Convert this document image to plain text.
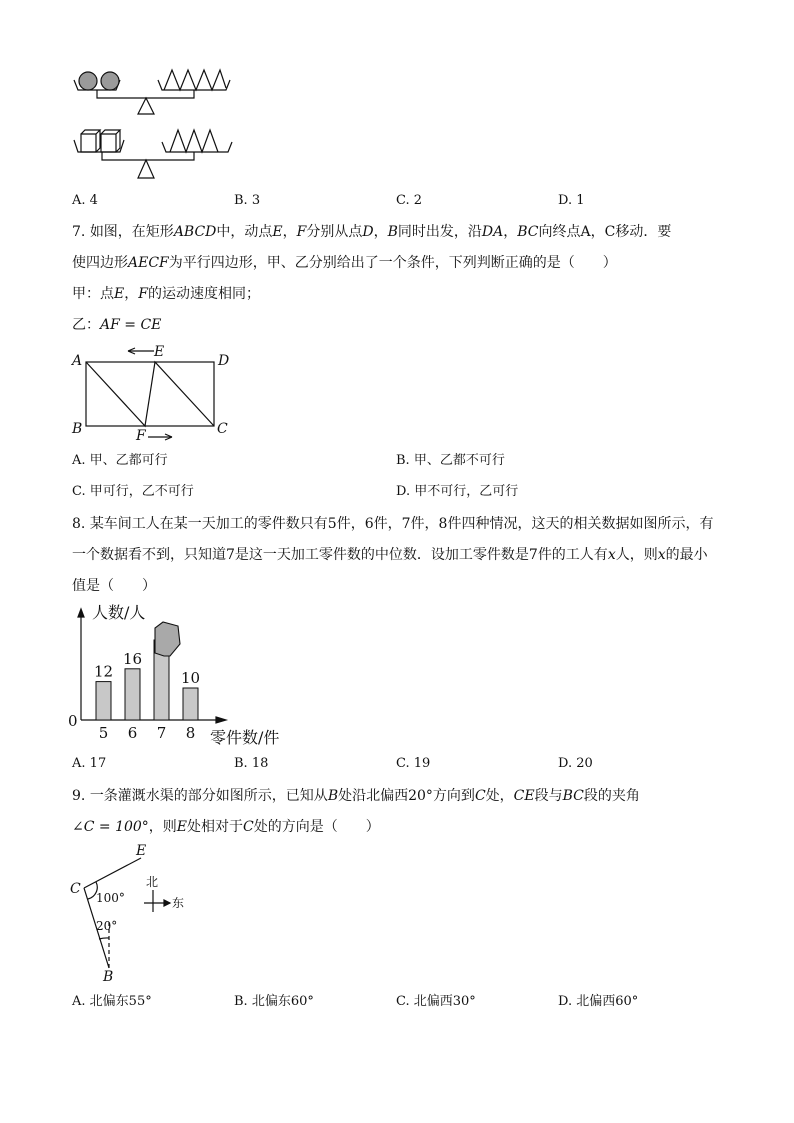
A. 4	B. 3	C. 2	D. 1
7. 如图，在矩形ABCD中，动点E，F分别从点D，B同时出发，沿DA，BC向终点A，C移动．要
使四边形AECF为平行四边形，甲、乙分别给出了一个条件，下列判断正确的是（　　）
甲：点E，F的运动速度相同；
乙：AF = CE
A
E
D
B	F	C
A. 甲、乙都可行	B. 甲、乙都不可行
C. 甲可行，乙不可行	D. 甲不可行，乙可行
8. 某车间工人在某一天加工的零件数只有5件，6件，7件，8件四种情况，这天的相关数据如图所示，有
一个数据看不到，只知道7是这一天加工零件数的中位数．设加工零件数是7件的工人有x人，则x的最小
值是（　　）
人数/人
零件数/件
0
5
12
6
16
7 8
10
A. 17	B. 18	C. 19	D. 20
9. 一条灌溉水渠的部分如图所示，已知从B处沿北偏西20°方向到C处，CE段与BC段的夹角
∠C = 100°，则E处相对于C处的方向是（　　）
E
C
B
100°
20°
北
东
A. 北偏东55°	B. 北偏东60°	C. 北偏西30°	D. 北偏西60°
